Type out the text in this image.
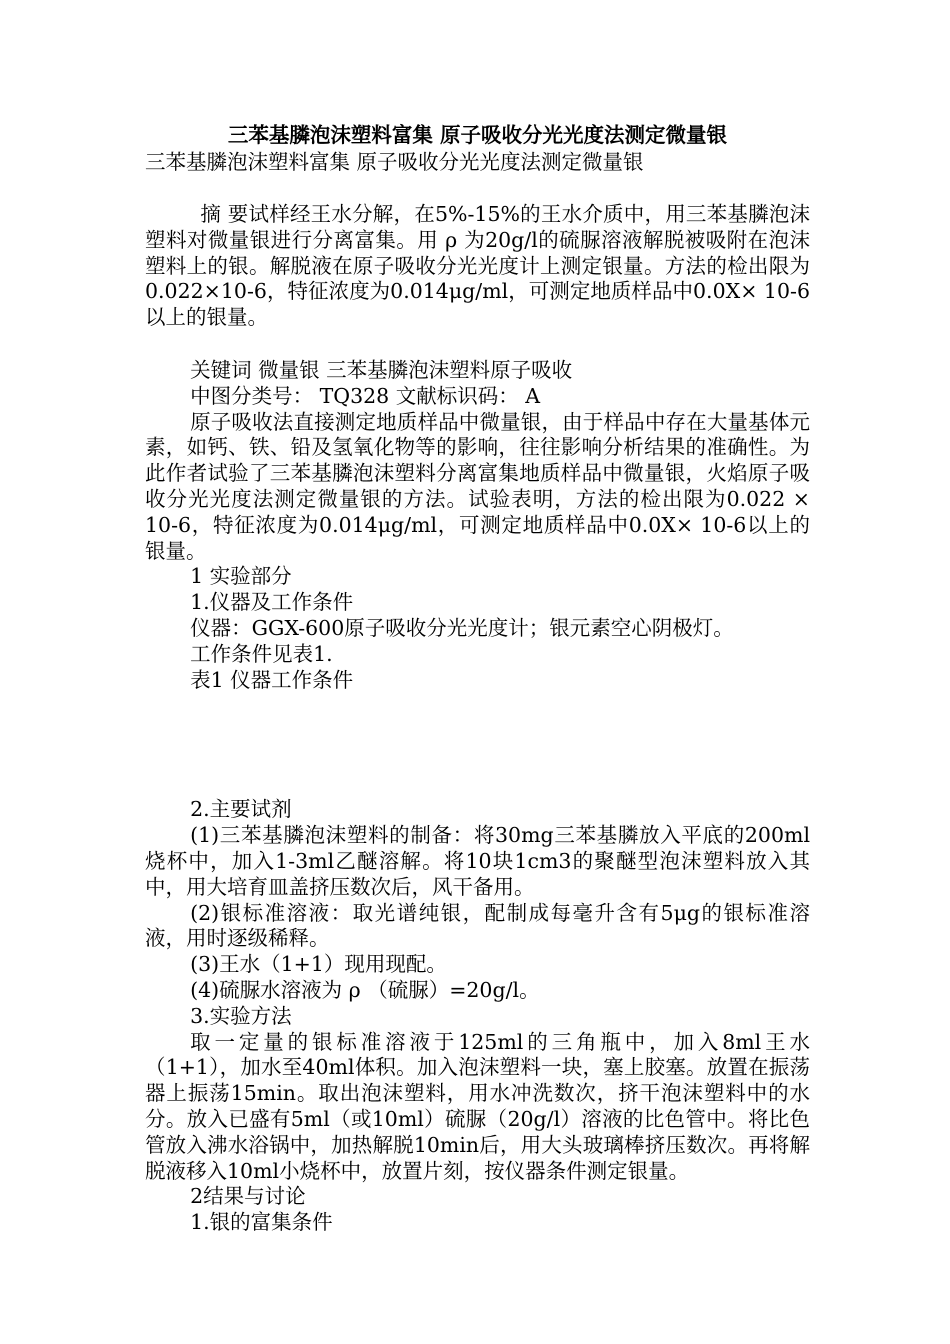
三苯基膦泡沫塑料富集 原子吸收分光光度法测定微量银

三苯基膦泡沫塑料富集 原子吸收分光光度法测定微量银

摘 要试样经王水分解，在5%-15%的王水介质中，用三苯基膦泡沫塑料对微量银进行分离富集。用 ρ 为20g/l的硫脲溶液解脱被吸附在泡沫塑料上的银。解脱液在原子吸收分光光度计上测定银量。方法的检出限为0.022×10-6，特征浓度为0.014μg/ml，可测定地质样品中0.0X× 10-6以上的银量。

关键词 微量银 三苯基膦泡沫塑料原子吸收

中图分类号： TQ328 文献标识码： A

原子吸收法直接测定地质样品中微量银，由于样品中存在大量基体元素，如钙、铁、铅及氢氧化物等的影响，往往影响分析结果的准确性。为此作者试验了三苯基膦泡沫塑料分离富集地质样品中微量银，火焰原子吸收分光光度法测定微量银的方法。试验表明，方法的检出限为0.022 × 10-6，特征浓度为0.014μg/ml，可测定地质样品中0.0X× 10-6以上的银量。

1 实验部分

1.仪器及工作条件

仪器：GGX-600原子吸收分光光度计；银元素空心阴极灯。

工作条件见表1.

表1 仪器工作条件

2.主要试剂

(1)三苯基膦泡沫塑料的制备：将30mg三苯基膦放入平底的200ml烧杯中，加入1-3ml乙醚溶解。将10块1cm3的聚醚型泡沫塑料放入其中，用大培育皿盖挤压数次后，风干备用。

(2)银标准溶液：取光谱纯银，配制成每毫升含有5μg的银标准溶液，用时逐级稀释。

(3)王水（1+1）现用现配。

(4)硫脲水溶液为 ρ （硫脲）=20g/l。

3.实验方法

取一定量的银标准溶液于125ml的三角瓶中，加入8ml王水（1+1），加水至40ml体积。加入泡沫塑料一块，塞上胶塞。放置在振荡器上振荡15min。取出泡沫塑料，用水冲洗数次，挤干泡沫塑料中的水分。放入已盛有5ml（或10ml）硫脲（20g/l）溶液的比色管中。将比色管放入沸水浴锅中，加热解脱10min后，用大头玻璃棒挤压数次。再将解脱液移入10ml小烧杯中，放置片刻，按仪器条件测定银量。

2结果与讨论

1.银的富集条件
